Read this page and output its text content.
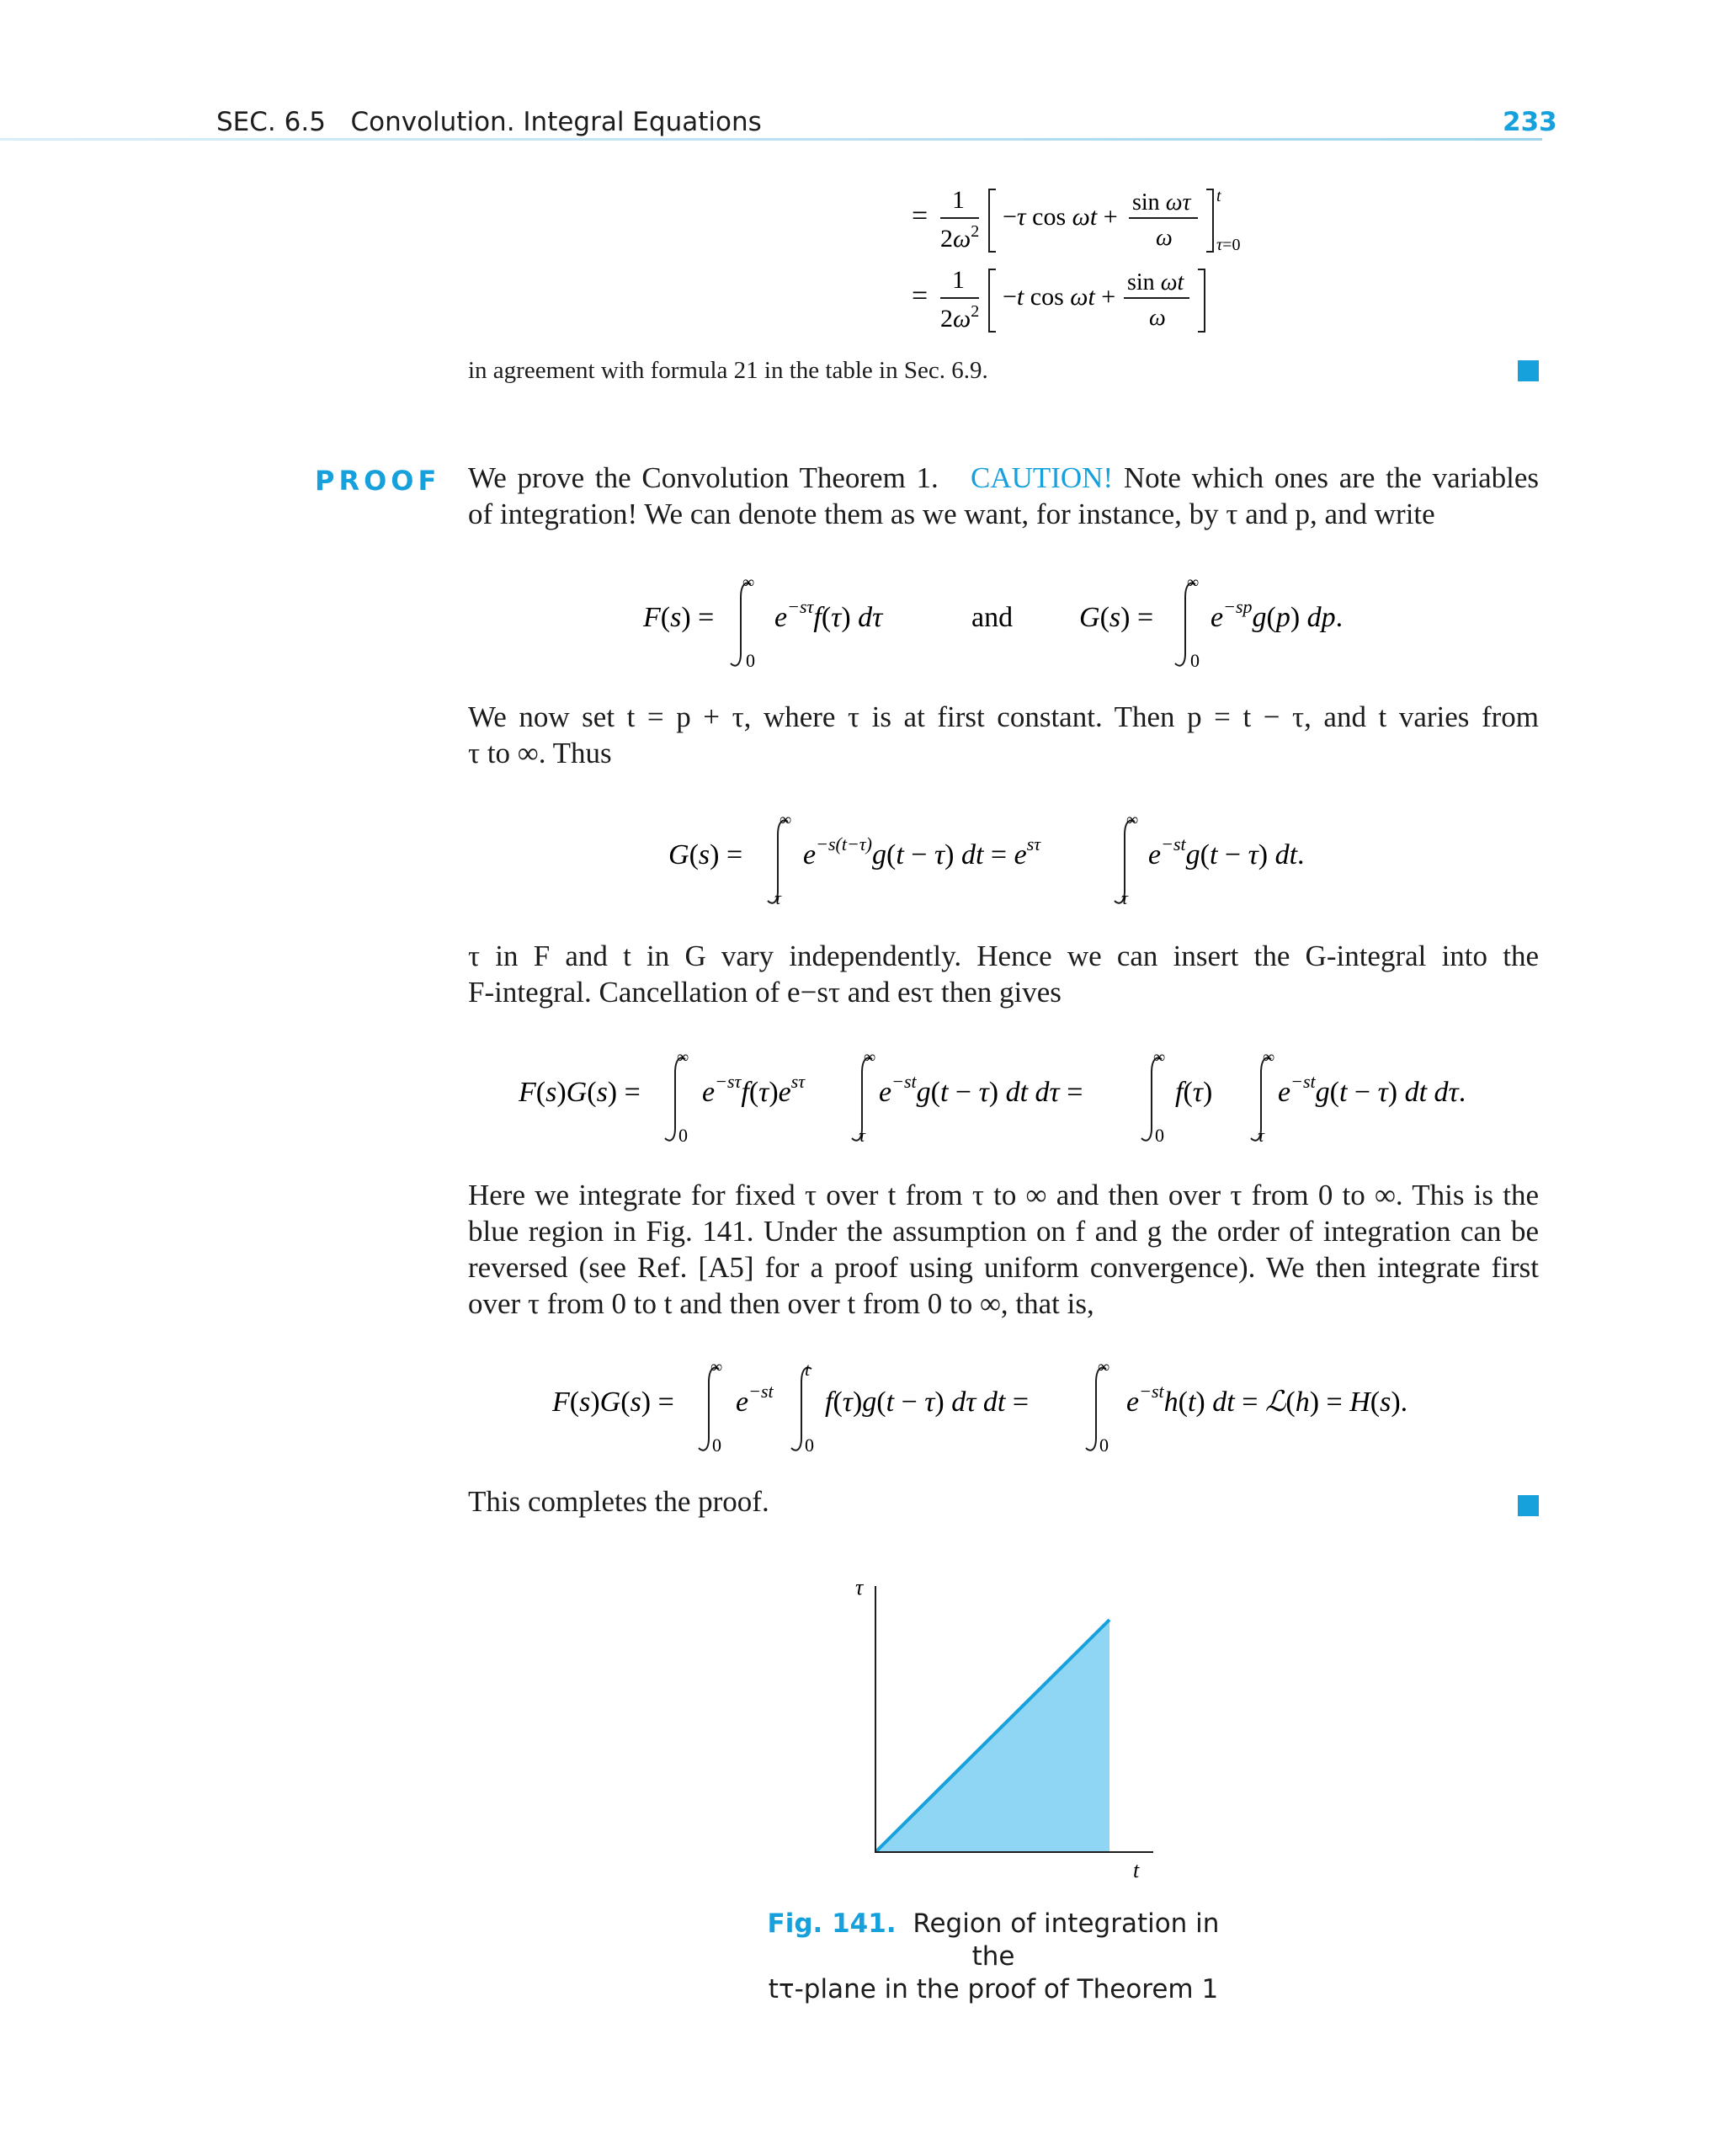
SEC. 6.5   Convolution. Integral Equations	233
=
1
$2\omega^2$
−τ cos ωt +
sin ωτ
ω
t
τ=0
=
1
$2\omega^2$
−t cos ωt +
sin ωt
ω
in agreement with formula 21 in the table in Sec. 6.9.
PROOF We prove the Convolution Theorem 1. CAUTION! Note which ones are the variables
of integration! We can denote them as we want, for instance, by τ and p, and write
F(s) =
∞
0
$e^{-s\tau}f(\tau)$ dτ	and G(s) =
∞
0
$e^{-sp}g(p)$ dp.
We now set t = p + τ, where τ is at first constant. Then p = t − τ, and t varies from
τ to ∞. Thus
G(s) =
∞
τ
$e^{-s(t-\tau)}g(t - \tau)$ dt = $e^{s\tau}$
∞
τ
$e^{-st}g(t - \tau)$ dt.
τ in F and t in G vary independently. Hence we can insert the G-integral into the
F-integral. Cancellation of e−sτ and esτ then gives
F(s)G(s) =
∞
0
$e^{-s\tau}f(\tau)e^{s\tau}$
∞
τ
$e^{-st}g(t - \tau)$ dt dτ =
∞
0
f(τ)
∞
τ
$e^{-st}g(t - \tau)$ dt dτ.
Here we integrate for fixed τ over t from τ to ∞ and then over τ from 0 to ∞. This is the
blue region in Fig. 141. Under the assumption on f and g the order of integration can be
reversed (see Ref. [A5] for a proof using uniform convergence). We then integrate first
over τ from 0 to t and then over t from 0 to ∞, that is,
F(s)G(s) =
∞
0
$e^{-st}$
t
0
f(τ)g(t − τ) dτ dt =
∞
0
$e^{-st}h(t)$ dt = ℒ(h) = H(s).
This completes the proof.
τ
t
Fig. 141. Region of integration in the
tτ-plane in the proof of Theorem 1
